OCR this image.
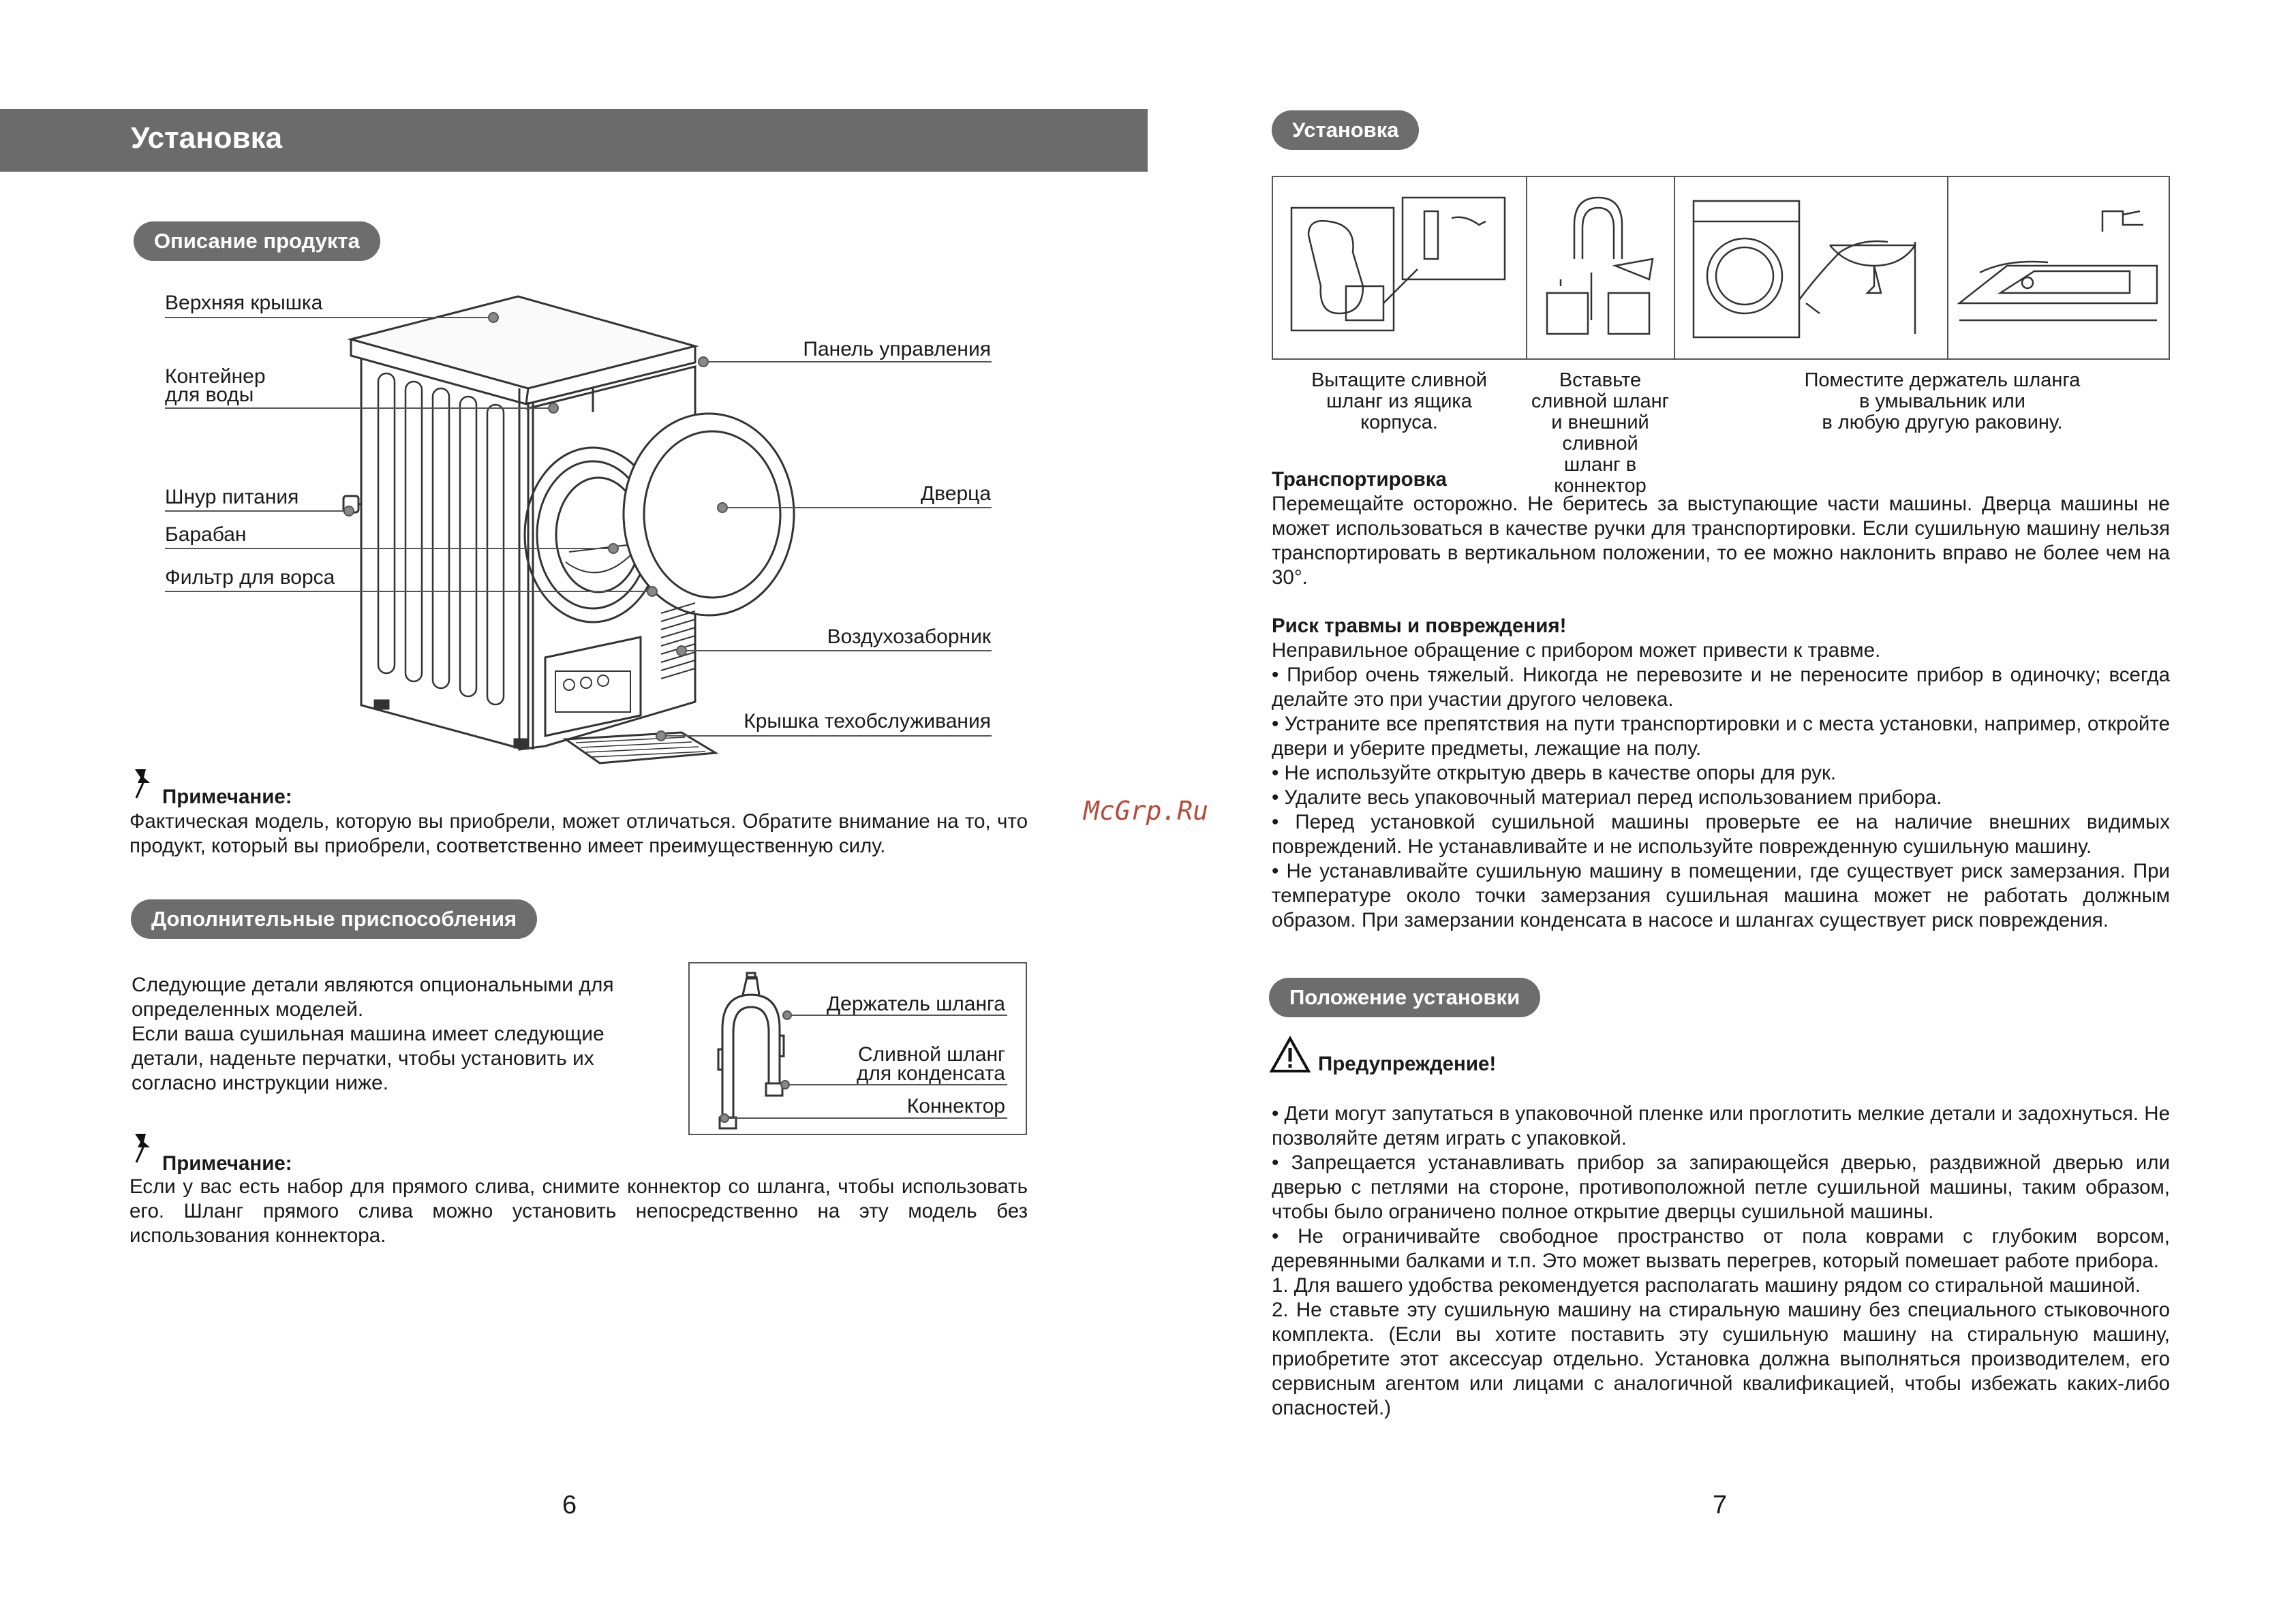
Установка
Описание продукта
Верхняя крышка
Контейнер
для воды
Шнур питания
Барабан
Фильтр для ворса
Панель управления
Дверца
Воздухозаборник
Крышка техобслуживания
Примечание:
Фактическая модель, которую вы приобрели, может отличаться. Обратите внимание на то, что продукт, который вы приобрели, соответственно имеет преимущественную силу.
Дополнительные приспособления
Следующие детали являются опциональными для
определенных моделей.
Если ваша сушильная машина имеет следующие
детали, наденьте перчатки, чтобы установить их
согласно инструкции ниже.
Держатель шланга
Сливной шланг
для конденсата
Коннектор
Примечание:
Если у вас есть набор для прямого слива, снимите коннектор со шланга, чтобы использовать его. Шланг прямого слива можно установить непосредственно на эту модель без использования коннектора.
6
McGrp.Ru
Установка
Вытащите сливной
шланг из ящика
корпуса.
Вставьте
сливной шланг
и внешний сливной
шланг в коннектор
Поместите держатель шланга
в умывальник или
в любую другую раковину.
Транспортировка
Перемещайте осторожно. Не беритесь за выступающие части машины. Дверца машины не может использоваться в качестве ручки для транспортировки. Если сушильную машину нельзя транспортировать в вертикальном положении, то ее можно наклонить вправо не более чем на 30°.
Риск травмы и повреждения!
Неправильное обращение с прибором может привести к травме.
• Прибор очень тяжелый. Никогда не перевозите и не переносите прибор в одиночку; всегда делайте это при участии другого человека.
• Устраните все препятствия на пути транспортировки и с места установки, например, откройте двери и уберите предметы, лежащие на полу.
• Не используйте открытую дверь в качестве опоры для рук.
• Удалите весь упаковочный материал перед использованием прибора.
• Перед установкой сушильной машины проверьте ее на наличие внешних видимых повреждений. Не устанавливайте и не используйте поврежденную сушильную машину.
• Не устанавливайте сушильную машину в помещении, где существует риск замерзания. При температуре около точки замерзания сушильная машина может не работать должным образом. При замерзании конденсата в насосе и шлангах существует риск повреждения.
Положение установки
Предупреждение!
• Дети могут запутаться в упаковочной пленке или проглотить мелкие детали и задохнуться. Не позволяйте детям играть с упаковкой.
• Запрещается устанавливать прибор за запирающейся дверью, раздвижной дверью или дверью с петлями на стороне, противоположной петле сушильной машины, таким образом, чтобы было ограничено полное открытие дверцы сушильной машины.
• Не ограничивайте свободное пространство от пола коврами с глубоким ворсом, деревянными балками и т.п. Это может вызвать перегрев, который помешает работе прибора.
1. Для вашего удобства рекомендуется располагать машину рядом со стиральной машиной.
2. Не ставьте эту сушильную машину на стиральную машину без специального стыковочного комплекта. (Если вы хотите поставить эту сушильную машину на стиральную машину, приобретите этот аксессуар отдельно. Установка должна выполняться производителем, его сервисным агентом или лицами с аналогичной квалификацией, чтобы избежать каких-либо опасностей.)
7
